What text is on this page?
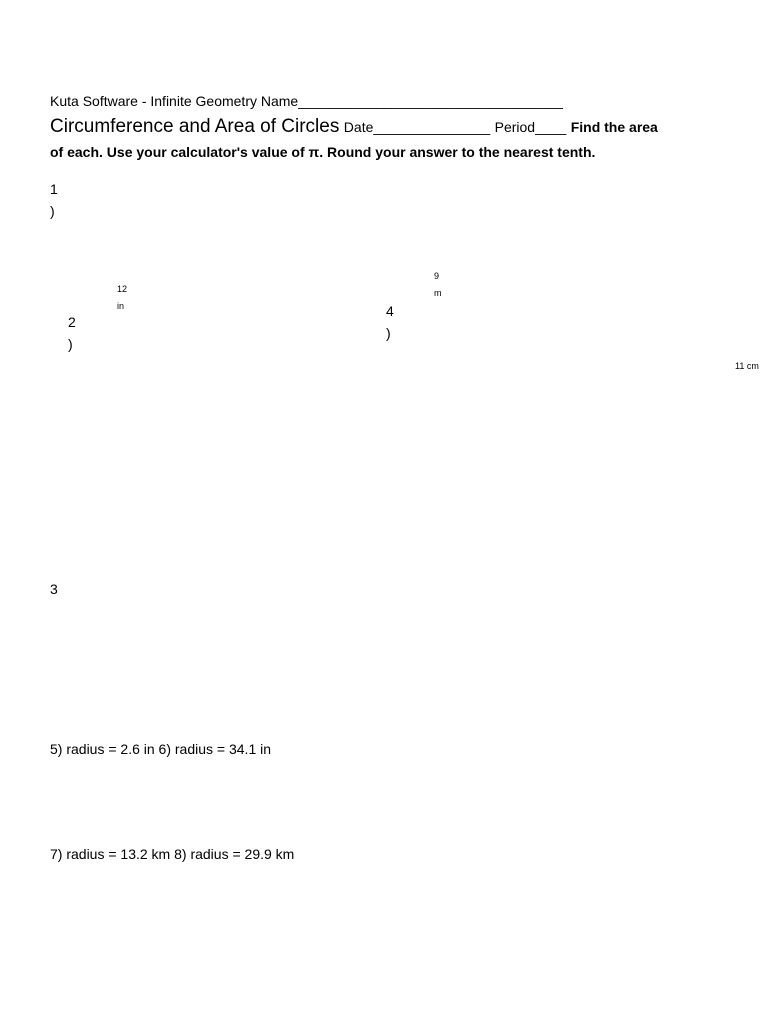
Kuta Software - Infinite Geometry Name__________________________________
Circumference and Area of Circles Date_______________ Period____ Find the area
of each. Use your calculator's value of π. Round your answer to the nearest tenth.
1
)
12
in
9
m
2
)
4
)
11 cm
3
5) radius = 2.6 in 6) radius = 34.1 in
7) radius = 13.2 km 8) radius = 29.9 km
